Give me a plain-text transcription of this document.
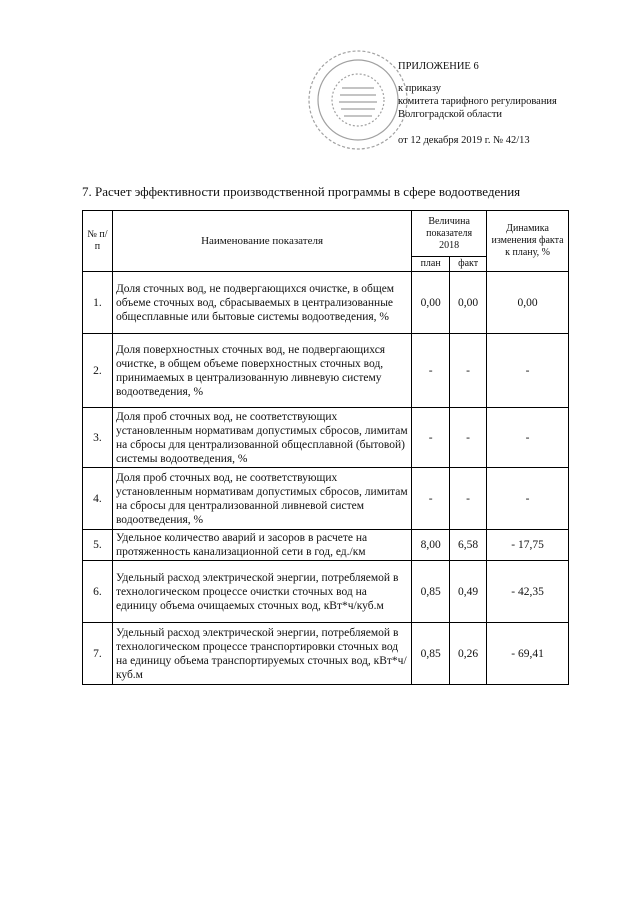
ПРИЛОЖЕНИЕ 6
к приказу
комитета тарифного регулирования
Волгоградской области
от 12 декабря 2019 г. № 42/13
7. Расчет эффективности производственной программы в сфере водоотведения
№ п/п	Наименование показателя	Величина показателя 2018		Динамика изменения факта к плану, %
		план	факт	
1.	Доля сточных вод, не подвергающихся очистке, в общем объеме сточных вод, сбрасываемых в централизованные общесплавные или бытовые системы водоотведения, %	0,00	0,00	0,00
2.	Доля поверхностных сточных вод, не подвергающихся очистке, в общем объеме поверхностных сточных вод, принимаемых в централизованную ливневую систему водоотведения, %	-	-	-
3.	Доля проб сточных вод, не соответствующих установленным нормативам допустимых сбросов, лимитам на сбросы для централизованной общесплавной (бытовой) системы водоотведения, %	-	-	-
4.	Доля проб сточных вод, не соответствующих установленным нормативам допустимых сбросов, лимитам на сбросы для централизованной ливневой систем водоотведения, %	-	-	-
5.	Удельное количество аварий и засоров в расчете на протяженность канализационной сети в год, ед./км	8,00	6,58	- 17,75
6.	Удельный расход электрической энергии, потребляемой в технологическом процессе очистки сточных вод на единицу объема очищаемых сточных вод, кВт*ч/куб.м	0,85	0,49	- 42,35
7.	Удельный расход электрической энергии, потребляемой в технологическом процессе транспортировки сточных вод на единицу объема транспортируемых сточных вод, кВт*ч/куб.м	0,85	0,26	- 69,41
